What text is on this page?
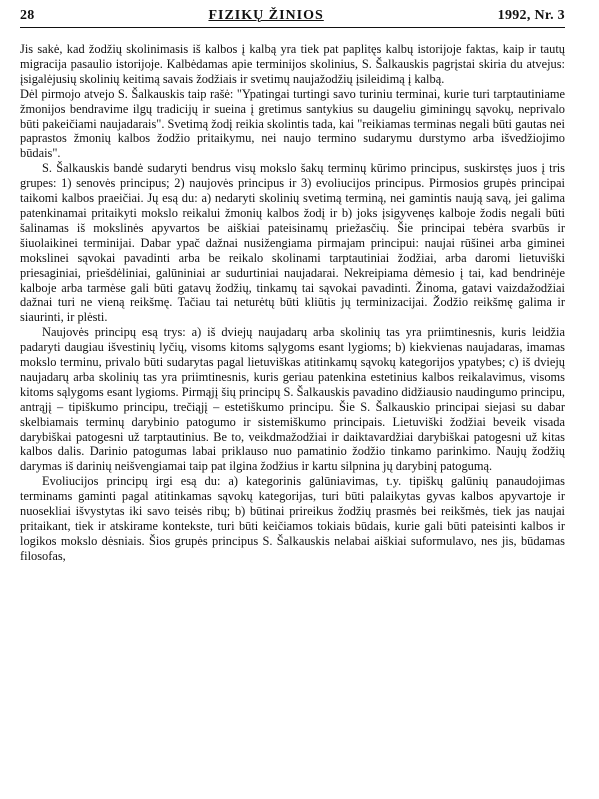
28	FIZIKŲ ŽINIOS	1992, Nr. 3

Jis sakė, kad žodžių skolinimasis iš kalbos į kalbą yra tiek pat paplitęs kalbų istorijoje faktas, kaip ir tautų migracija pasaulio istorijoje. Kalbėdamas apie terminijos skolinius, S. Šalkauskis pagrįstai skiria du atvejus: įsigalėjusių skolinių keitimą savais žodžiais ir svetimų naujažodžių įsileidimą į kalbą.

Dėl pirmojo atvejo S. Šalkauskis taip rašė: "Ypatingai turtingi savo turiniu terminai, kurie turi tarptautiniame žmonijos bendravime ilgų tradicijų ir sueina į gretimus santykius su daugeliu giminingų sąvokų, neprivalo būti pakeičiami naujadarais". Svetimą žodį reikia skolintis tada, kai "reikiamas terminas negali būti gautas nei paprastos žmonių kalbos žodžio pritaikymu, nei naujo termino sudarymu durstymo arba išvedžiojimo būdais".

S. Šalkauskis bandė sudaryti bendrus visų mokslo šakų terminų kūrimo principus, suskirstęs juos į tris grupes: 1) senovės principus; 2) naujovės principus ir 3) evoliucijos principus. Pirmosios grupės principai taikomi kalbos praeičiai. Jų esą du: a) nedaryti skolinių svetimą terminą, nei gamintis naują savą, jei galima patenkinamai pritaikyti mokslo reikalui žmonių kalbos žodį ir b) joks įsigyvenęs kalboje žodis negali būti šalinamas iš mokslinės apyvartos be aiškiai pateisinamų priežasčių. Šie principai tebėra svarbūs ir šiuolaikinei terminijai. Dabar ypač dažnai nusižengiama pirmajam principui: naujai rūšinei arba giminei mokslinei sąvokai pavadinti arba be reikalo skolinami tarptautiniai žodžiai, arba daromi lietuviški priesaginiai, priešdėliniai, galūniniai ar sudurtiniai naujadarai. Nekreipiama dėmesio į tai, kad bendrinėje kalboje arba tarmėse gali būti gatavų žodžių, tinkamų tai sąvokai pavadinti. Žinoma, gatavi vaizdažodžiai dažnai turi ne vieną reikšmę. Tačiau tai neturėtų būti kliūtis jų terminizacijai. Žodžio reikšmę galima ir siaurinti, ir plėsti.

Naujovės principų esą trys: a) iš dviejų naujadarų arba skolinių tas yra priimtinesnis, kuris leidžia padaryti daugiau išvestinių lyčių, visoms kitoms sąlygoms esant lygioms; b) kiekvienas naujadaras, imamas mokslo terminu, privalo būti sudarytas pagal lietuviškas atitinkamų sąvokų kategorijos ypatybes; c) iš dviejų naujadarų arba skolinių tas yra priimtinesnis, kuris geriau patenkina estetinius kalbos reikalavimus, visoms kitoms sąlygoms esant lygioms. Pirmąjį šių principų S. Šalkauskis pavadino didžiausio naudingumo principu, antrąjį – tipiškumo principu, trečiąjį – estetiškumo principu. Šie S. Šalkauskio principai siejasi su dabar skelbiamais terminų darybinio patogumo ir sistemiškumo principais. Lietuviški žodžiai beveik visada darybiškai patogesni už tarptautinius. Be to, veikdmažodžiai ir daiktavardžiai darybiškai patogesni už kitas kalbos dalis. Darinio patogumas labai priklauso nuo pamatinio žodžio tinkamo parinkimo. Naujų žodžių darymas iš darinių neišvengiamai taip pat ilgina žodžius ir kartu silpnina jų darybinį patogumą.

Evoliucijos principų irgi esą du: a) kategorinis galūniavimas, t.y. tipiškų galūnių panaudojimas terminams gaminti pagal atitinkamas sąvokų kategorijas, turi būti palaikytas gyvas kalbos apyvartoje ir nuosekliai išvystytas iki savo teisės ribų; b) būtinai prireikus žodžių prasmės bei reikšmės, tiek jas naujai pritaikant, tiek ir atskirame kontekste, turi būti keičiamos tokiais būdais, kurie gali būti pateisinti kalbos ir logikos mokslo dėsniais. Šios grupės principus S. Šalkauskis nelabai aiškiai suformulavo, nes jis, būdamas filosofas,
